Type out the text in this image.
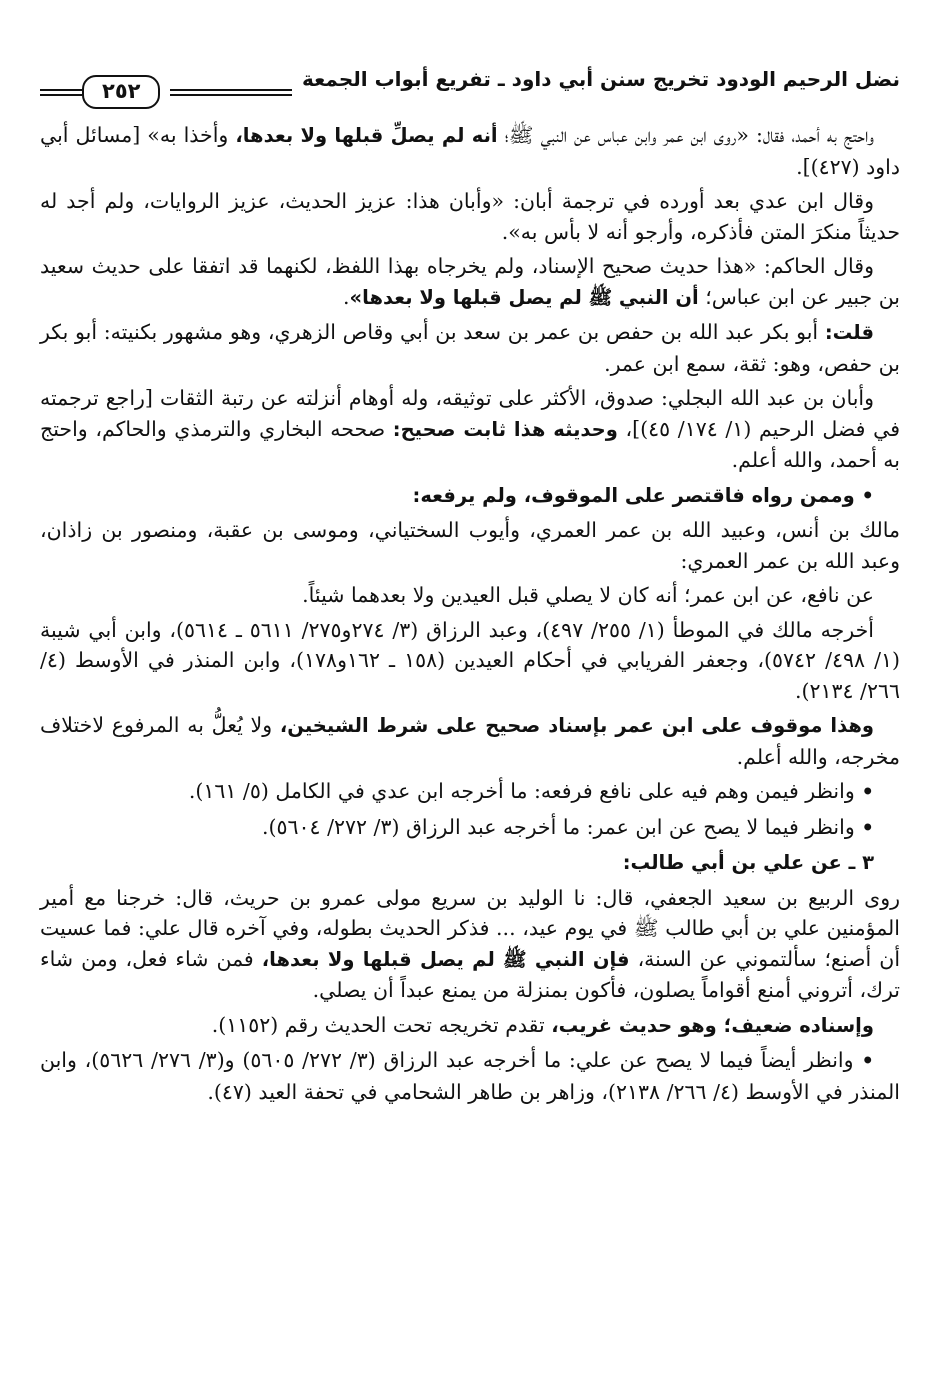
نضل الرحيم الودود تخريج سنن أبي داود ـ تفريع أبواب الجمعة
٢٥٢

واحتج به أحمد، فقال: «روى ابن عمر وابن عباس عن النبي ﷺ؛ أنه لم يصلِّ قبلها ولا بعدها، وأخذا به» [مسائل أبي داود (٤٢٧)].

وقال ابن عدي بعد أورده في ترجمة أبان: «وأبان هذا: عزيز الحديث، عزيز الروايات، ولم أجد له حديثاً منكرَ المتن فأذكره، وأرجو أنه لا بأس به».

وقال الحاكم: «هذا حديث صحيح الإسناد، ولم يخرجاه بهذا اللفظ، لكنهما قد اتفقا على حديث سعيد بن جبير عن ابن عباس؛ أن النبي ﷺ لم يصل قبلها ولا بعدها».

قلت: أبو بكر عبد الله بن حفص بن عمر بن سعد بن أبي وقاص الزهري، وهو مشهور بكنيته: أبو بكر بن حفص، وهو: ثقة، سمع ابن عمر.

وأبان بن عبد الله البجلي: صدوق، الأكثر على توثيقه، وله أوهام أنزلته عن رتبة الثقات [راجع ترجمته في فضل الرحيم (١/ ١٧٤/ ٤٥)]، وحديثه هذا ثابت صحيح: صححه البخاري والترمذي والحاكم، واحتج به أحمد، والله أعلم.

• وممن رواه فاقتصر على الموقوف، ولم يرفعه:

مالك بن أنس، وعبيد الله بن عمر العمري، وأيوب السختياني، وموسى بن عقبة، ومنصور بن زاذان، وعبد الله بن عمر العمري:

عن نافع، عن ابن عمر؛ أنه كان لا يصلي قبل العيدين ولا بعدهما شيئاً.

أخرجه مالك في الموطأ (١/ ٢٥٥/ ٤٩٧)، وعبد الرزاق (٣/ ٢٧٤و٢٧٥/ ٥٦١١ ـ ٥٦١٤)، وابن أبي شيبة (١/ ٤٩٨/ ٥٧٤٢)، وجعفر الفريابي في أحكام العيدين (١٥٨ ـ ١٦٢و١٧٨)، وابن المنذر في الأوسط (٤/ ٢٦٦/ ٢١٣٤).

وهذا موقوف على ابن عمر بإسناد صحيح على شرط الشيخين، ولا يُعلُّ به المرفوع لاختلاف مخرجه، والله أعلم.

• وانظر فيمن وهم فيه على نافع فرفعه: ما أخرجه ابن عدي في الكامل (٥/ ١٦١).

• وانظر فيما لا يصح عن ابن عمر: ما أخرجه عبد الرزاق (٣/ ٢٧٢/ ٥٦٠٤).

٣ ـ عن علي بن أبي طالب:

روى الربيع بن سعيد الجعفي، قال: نا الوليد بن سريع مولى عمرو بن حريث، قال: خرجنا مع أمير المؤمنين علي بن أبي طالب ﷺ في يوم عيد، ... فذكر الحديث بطوله، وفي آخره قال علي: فما عسيت أن أصنع؛ سألتموني عن السنة، فإن النبي ﷺ لم يصل قبلها ولا بعدها، فمن شاء فعل، ومن شاء ترك، أتروني أمنع أقواماً يصلون، فأكون بمنزلة من يمنع عبداً أن يصلي.

وإسناده ضعيف؛ وهو حديث غريب، تقدم تخريجه تحت الحديث رقم (١١٥٢).

• وانظر أيضاً فيما لا يصح عن علي: ما أخرجه عبد الرزاق (٣/ ٢٧٢/ ٥٦٠٥) و(٣/ ٢٧٦/ ٥٦٢٦)، وابن المنذر في الأوسط (٤/ ٢٦٦/ ٢١٣٨)، وزاهر بن طاهر الشحامي في تحفة العيد (٤٧).
